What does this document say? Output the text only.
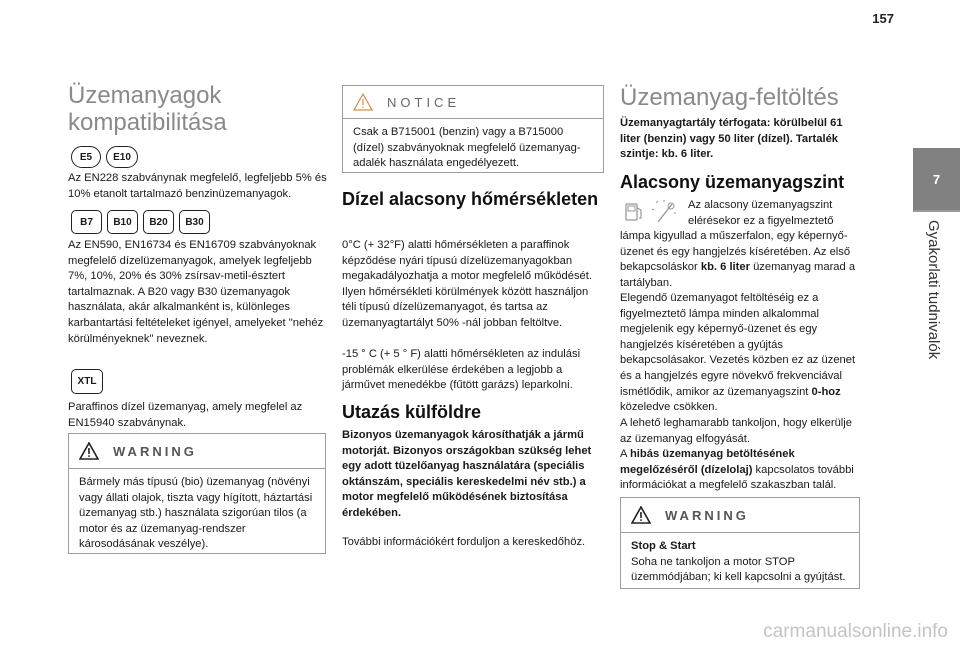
157
7
Gyakorlati tudnivalók
Üzemanyagok kompatibilitása
E5	E10

Az EN228 szabványnak megfelelő, legfeljebb 5% és 10% etanolt tartalmazó benzinüzemanyagok.

B7	B10	B20	B30

Az EN590, EN16734 és EN16709 szabványoknak megfelelő dízelüzemanyagok, amelyek legfeljebb 7%, 10%, 20% és 30% zsírsav-metil-észtert tartalmaznak. A B20 vagy B30 üzemanyagok használata, akár alkalmanként is, különleges karbantartási feltételeket igényel, amelyeket "nehéz körülményeknek" neveznek.

XTL

Paraffinos dízel üzemanyag, amely megfelel az EN15940 szabványnak.

WARNING

Bármely más típusú (bio) üzemanyag (növényi vagy állati olajok, tiszta vagy hígított, háztartási üzemanyag stb.) használata szigorúan tilos (a motor és az üzemanyag-rendszer károsodásának veszélye).

NOTICE

Csak a B715001 (benzin) vagy a B715000 (dízel) szabványoknak megfelelő üzemanyag-adalék használata engedélyezett.

Dízel alacsony hőmérsékleten

0°C (+ 32°F) alatti hőmérsékleten a paraffinok képződése nyári típusú dízelüzemanyagokban megakadályozhatja a motor megfelelő működését. Ilyen hőmérsékleti körülmények között használjon téli típusú dízelüzemanyagot, és tartsa az üzemanyagtartályt 50% -nál jobban feltöltve.

-15 ° C (+ 5 ° F) alatti hőmérsékleten az indulási problémák elkerülése érdekében a legjobb a járművet menedékbe (fűtött garázs) leparkolni.

Utazás külföldre

Bizonyos üzemanyagok károsíthatják a jármű motorját. Bizonyos országokban szükség lehet egy adott tüzelőanyag használatára (speciális oktánszám, speciális kereskedelmi név stb.) a motor megfelelő működésének biztosítása érdekében.

További információkért forduljon a kereskedőhöz.

Üzemanyag-feltöltés

Üzemanyagtartály térfogata: körülbelül 61 liter (benzin) vagy 50 liter (dízel). Tartalék szintje: kb. 6 liter.

Alacsony üzemanyagszint
Az alacsony üzemanyagszint elérésekor ez a figyelmeztető lámpa kigyullad a műszerfalon, egy képernyő-üzenet és egy hangjelzés kíséretében. Az első bekapcsoláskor kb. 6 liter üzemanyag marad a tartályban.

Elegendő üzemanyagot feltöltéséig ez a figyelmeztető lámpa minden alkalommal megjelenik egy képernyő-üzenet és egy hangjelzés kíséretében a gyújtás bekapcsolásakor. Vezetés közben ez az üzenet és a hangjelzés egyre növekvő frekvenciával ismétlődik, amikor az üzemanyagszint 0-hoz közeledve csökken.

A lehető leghamarabb tankoljon, hogy elkerülje az üzemanyag elfogyását.

A hibás üzemanyag betöltésének megelőzéséről (dízelolaj) kapcsolatos további információkat a megfelelő szakaszban talál.

WARNING

Stop & Start

Soha ne tankoljon a motor STOP üzemmódjában; ki kell kapcsolni a gyújtást.

carmanualsonline.info
